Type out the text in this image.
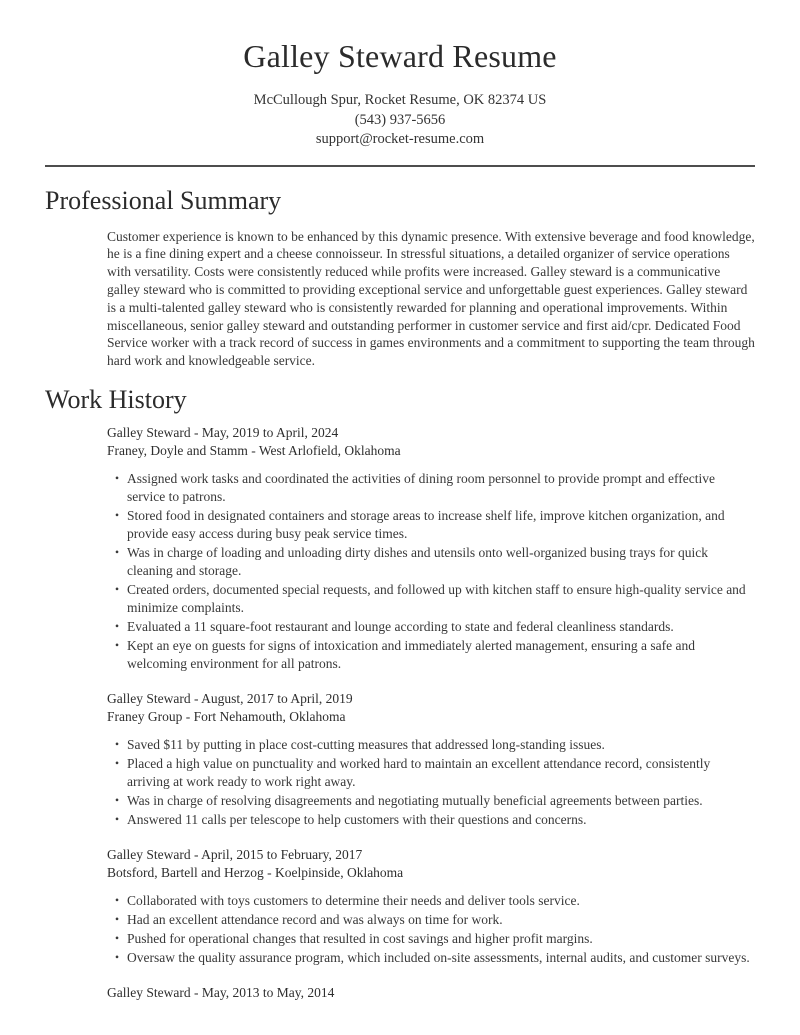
Galley Steward Resume
McCullough Spur, Rocket Resume, OK 82374 US
(543) 937-5656
support@rocket-resume.com
Professional Summary

Customer experience is known to be enhanced by this dynamic presence. With extensive beverage and food knowledge, he is a fine dining expert and a cheese connoisseur. In stressful situations, a detailed organizer of service operations with versatility. Costs were consistently reduced while profits were increased. Galley steward is a communicative galley steward who is committed to providing exceptional service and unforgettable guest experiences. Galley steward is a multi-talented galley steward who is consistently rewarded for planning and operational improvements. Within miscellaneous, senior galley steward and outstanding performer in customer service and first aid/cpr. Dedicated Food Service worker with a track record of success in games environments and a commitment to supporting the team through hard work and knowledgeable service.

Work History
Galley Steward - May, 2019 to April, 2024
Franey, Doyle and Stamm - West Arlofield, Oklahoma
• Assigned work tasks and coordinated the activities of dining room personnel to provide prompt and effective service to patrons.
• Stored food in designated containers and storage areas to increase shelf life, improve kitchen organization, and provide easy access during busy peak service times.
• Was in charge of loading and unloading dirty dishes and utensils onto well-organized busing trays for quick cleaning and storage.
• Created orders, documented special requests, and followed up with kitchen staff to ensure high-quality service and minimize complaints.
• Evaluated a 11 square-foot restaurant and lounge according to state and federal cleanliness standards.
• Kept an eye on guests for signs of intoxication and immediately alerted management, ensuring a safe and welcoming environment for all patrons.
Galley Steward - August, 2017 to April, 2019
Franey Group - Fort Nehamouth, Oklahoma
• Saved $11 by putting in place cost-cutting measures that addressed long-standing issues.
• Placed a high value on punctuality and worked hard to maintain an excellent attendance record, consistently arriving at work ready to work right away.
• Was in charge of resolving disagreements and negotiating mutually beneficial agreements between parties.
• Answered 11 calls per telescope to help customers with their questions and concerns.
Galley Steward - April, 2015 to February, 2017
Botsford, Bartell and Herzog - Koelpinside, Oklahoma
• Collaborated with toys customers to determine their needs and deliver tools service.
• Had an excellent attendance record and was always on time for work.
• Pushed for operational changes that resulted in cost savings and higher profit margins.
• Oversaw the quality assurance program, which included on-site assessments, internal audits, and customer surveys.
Galley Steward - May, 2013 to May, 2014
